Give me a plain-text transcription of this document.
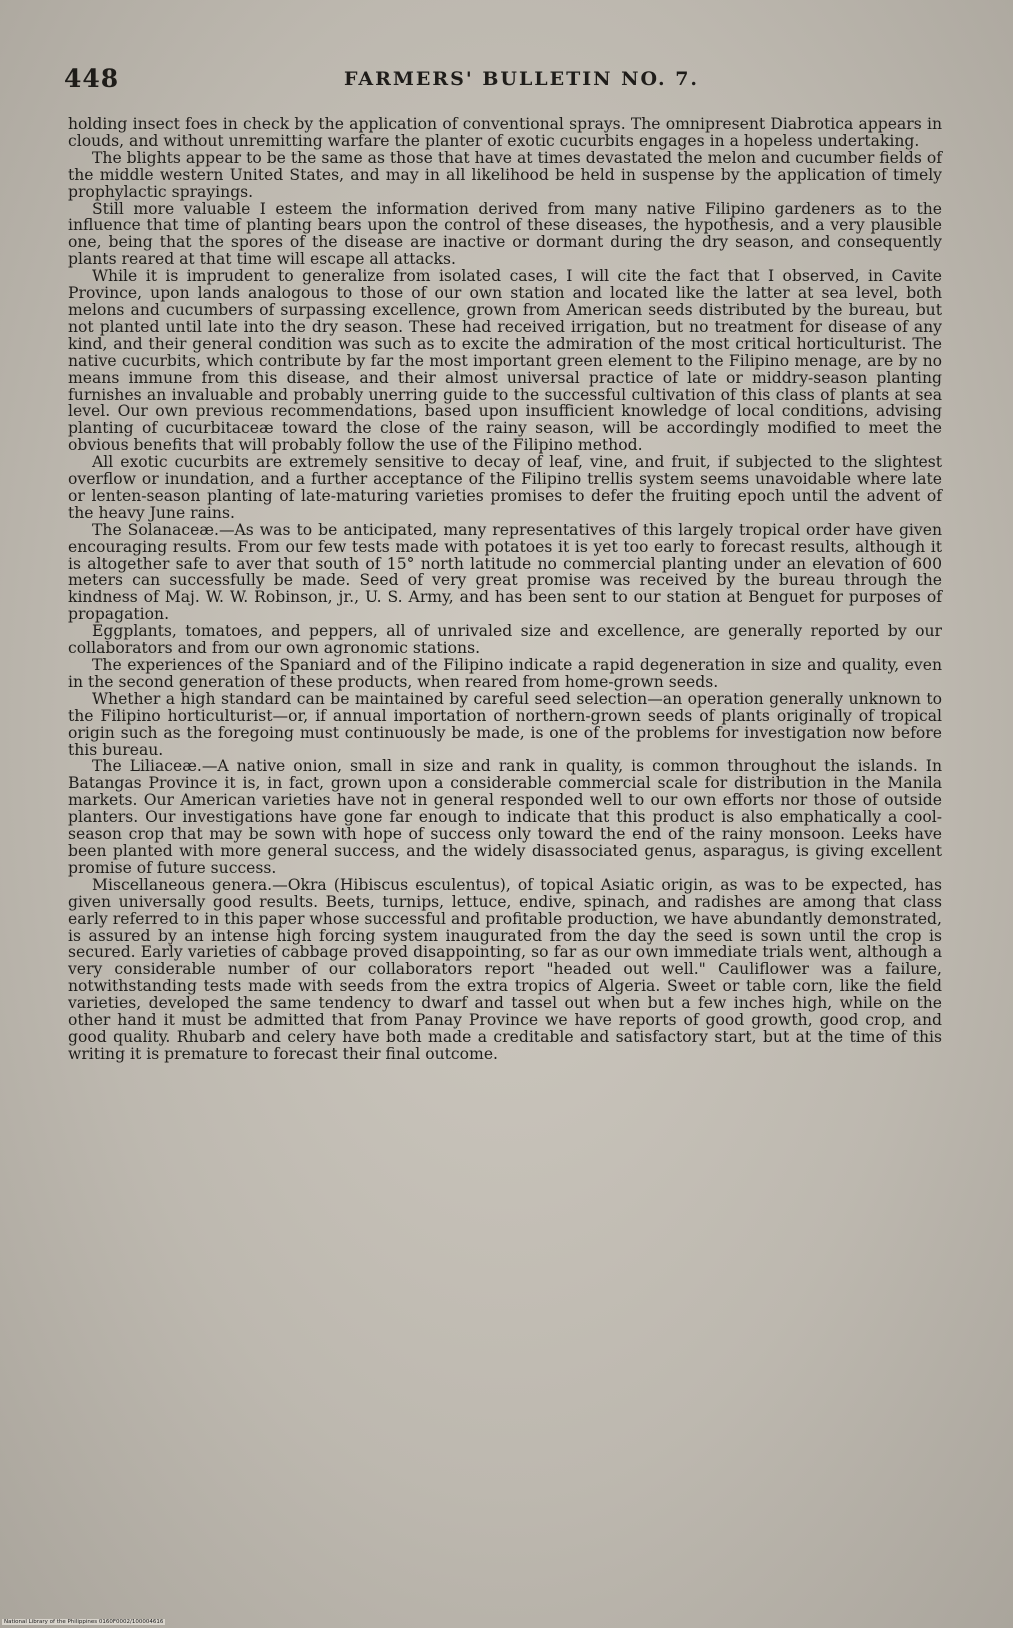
448	FARMERS' BULLETIN NO. 7.

holding insect foes in check by the application of conventional sprays. The omnipresent Diabrotica appears in clouds, and without unremitting warfare the planter of exotic cucurbits engages in a hopeless undertaking.

The blights appear to be the same as those that have at times devastated the melon and cucumber fields of the middle western United States, and may in all likelihood be held in suspense by the application of timely prophylactic sprayings.

Still more valuable I esteem the information derived from many native Filipino gardeners as to the influence that time of planting bears upon the control of these diseases, the hypothesis, and a very plausible one, being that the spores of the disease are inactive or dormant during the dry season, and consequently plants reared at that time will escape all attacks.

While it is imprudent to generalize from isolated cases, I will cite the fact that I observed, in Cavite Province, upon lands analogous to those of our own station and located like the latter at sea level, both melons and cucumbers of surpassing excellence, grown from American seeds distributed by the bureau, but not planted until late into the dry season. These had received irrigation, but no treatment for disease of any kind, and their general condition was such as to excite the admiration of the most critical horticulturist. The native cucurbits, which contribute by far the most important green element to the Filipino menage, are by no means immune from this disease, and their almost universal practice of late or middry-season planting furnishes an invaluable and probably unerring guide to the successful cultivation of this class of plants at sea level. Our own previous recommendations, based upon insufficient knowledge of local conditions, advising planting of cucurbitaceæ toward the close of the rainy season, will be accordingly modified to meet the obvious benefits that will probably follow the use of the Filipino method.

All exotic cucurbits are extremely sensitive to decay of leaf, vine, and fruit, if subjected to the slightest overflow or inundation, and a further acceptance of the Filipino trellis system seems unavoidable where late or lenten-season planting of late-maturing varieties promises to defer the fruiting epoch until the advent of the heavy June rains.

The Solanaceæ.—As was to be anticipated, many representatives of this largely tropical order have given encouraging results. From our few tests made with potatoes it is yet too early to forecast results, although it is altogether safe to aver that south of 15° north latitude no commercial planting under an elevation of 600 meters can successfully be made. Seed of very great promise was received by the bureau through the kindness of Maj. W. W. Robinson, jr., U. S. Army, and has been sent to our station at Benguet for purposes of propagation.

Eggplants, tomatoes, and peppers, all of unrivaled size and excellence, are generally reported by our collaborators and from our own agronomic stations.

The experiences of the Spaniard and of the Filipino indicate a rapid degeneration in size and quality, even in the second generation of these products, when reared from home-grown seeds.

Whether a high standard can be maintained by careful seed selection—an operation generally unknown to the Filipino horticulturist—or, if annual importation of northern-grown seeds of plants originally of tropical origin such as the foregoing must continuously be made, is one of the problems for investigation now before this bureau.

The Liliaceæ.—A native onion, small in size and rank in quality, is common throughout the islands. In Batangas Province it is, in fact, grown upon a considerable commercial scale for distribution in the Manila markets. Our American varieties have not in general responded well to our own efforts nor those of outside planters. Our investigations have gone far enough to indicate that this product is also emphatically a cool-season crop that may be sown with hope of success only toward the end of the rainy monsoon. Leeks have been planted with more general success, and the widely disassociated genus, asparagus, is giving excellent promise of future success.

Miscellaneous genera.—Okra (Hibiscus esculentus), of topical Asiatic origin, as was to be expected, has given universally good results. Beets, turnips, lettuce, endive, spinach, and radishes are among that class early referred to in this paper whose successful and profitable production, we have abundantly demonstrated, is assured by an intense high forcing system inaugurated from the day the seed is sown until the crop is secured. Early varieties of cabbage proved disappointing, so far as our own immediate trials went, although a very considerable number of our collaborators report "headed out well." Cauliflower was a failure, notwithstanding tests made with seeds from the extra tropics of Algeria. Sweet or table corn, like the field varieties, developed the same tendency to dwarf and tassel out when but a few inches high, while on the other hand it must be admitted that from Panay Province we have reports of good growth, good crop, and good quality. Rhubarb and celery have both made a creditable and satisfactory start, but at the time of this writing it is premature to forecast their final outcome.

National Library of the Philippines 0160F0002/100004616
